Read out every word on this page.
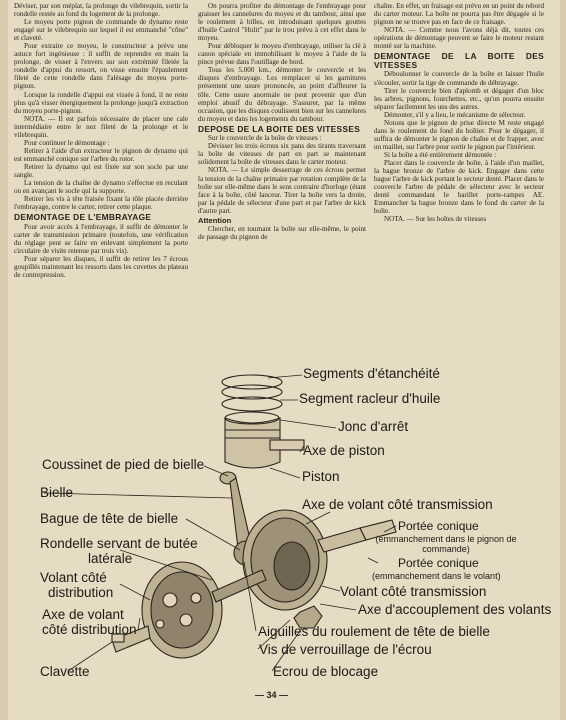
Déviser, par son méplat, la prolonge du vilebrequin, sortir la rondelle restée au fond du logement de la prolonge.

Le moyeu porte pignon de commande de dynamo reste engagé sur le vilebrequin sur lequel il est emmanché "cône" et claveté.

Pour extraire ce moyeu, le constructeur a prévu une astuce fort ingénieuse : il suffit de reprendre en main la prolonge, de visser à l'envers sur son extrémité filetée la rondelle d'appui du ressort, on visse ensuite l'épaulement fileté de cette rondelle dans l'alésage du moyeu porte-pignon.

Lorsque la rondelle d'appui est vissée à fond, il ne reste plus qu'à visser énergiquement la prolonge jusqu'à extraction du moyeu porte-pignon.

NOTA. — Il est parfois nécessaire de placer une cale intermédiaire entre le nez fileté de la prolonge et le vilebrequin.

Pour continuer le démontage :

Retirer à l'aide d'un extracteur le pignon de dynamo qui est emmanché conique sur l'arbre du rotor.

Retirer la dynamo qui est fixée sur son socle par une sangle.

La tension de la chaîne de dynamo s'effectue en reculant ou en avançant le socle qui la supporte.

Retirer les vis à tête fraisée fixant la tôle placée derrière l'embrayage, contre le carter, retirer cette plaque.

DEMONTAGE DE L'EMBRAYAGE

Pour avoir accès à l'embrayage, il suffit de démonter le carter de transmission primaire (toutefois, une vérification du réglage peut se faire en enlevant simplement la porte circulaire de visite retenue par trois vis).

Pour séparer les disques, il suffit de retirer les 7 écrous goupillés maintenant les ressorts dans les cuvettes du plateau de contrepression.

On pourra profiter du démontage de l'embrayage pour graisser les cannelures du moyeu et du tambour, ainsi que le roulement à billes, en introduisant quelques gouttes d'huile Castrol "Hulit" par le trou prévu à cet effet dans le moyeu.

Pour débloquer le moyeu d'embrayage, utiliser la clé à canon spéciale en immobilisant le moyeu à l'aide de la pince prévue dans l'outillage de bord.

Tous les 5.000 km., démonter le couvercle et les disques d'embrayage. Les remplacer si les garnitures présentent une usure prononcée, au point d'affleurer la tôle. Cette usure anormale ne peut provenir que d'un emploi abusif du débrayage. S'assurer, par la même occasion, que les disques coulissent bien sur les cannelures du moyeu et dans les logements du tambour.

DEPOSE DE LA BOITE DES VITESSES

Sur le couvercle de la boîte de vitesses :

Dévisser les trois écrous six pans des tirants traversant la boîte de vitesses de part en part se maintenant solidement la boîte de vitesses dans le carter moteur.

NOTA. — Le simple desserrage de ces écrous permet la tension de la chaîne primaire par rotation complète de la boîte sur elle-même dans le sens contraire d'horloge (étant face à la boîte, côté lanceur. Tirer la boîte vers la droite, par la pédale de sélecteur d'une part et par l'arbre de kick d'autre part.

Attention

Chercher, en tournant la boîte sur elle-même, le point de passage du pignon de

chaîne. En effet, un fraisage est prévu en un point du rebord du carter moteur. La boîte ne pourra pas être dégagée si le pignon ne se trouve pas en face de ce fraisage.

NOTA. — Comme nous l'avons déjà dit, toutes ces opérations de démontage peuvent se faire le moteur restant monté sur la machine.

DEMONTAGE DE LA BOITE DES VITESSES

Déboulonner le couvercle de la boîte et laisser l'huile s'écouler, sortir la tige de commande de débrayage.

Tirer le couvercle bien d'aplomb et dégager d'un bloc les arbres, pignons, fourchettes, etc., qu'on pourra ensuite séparer facilement les uns des autres.

Démonter, s'il y a lieu, le mécanisme de sélecteur.

Notons que le pignon de prise directe M reste engagé dans le roulement du fond du boîtier. Pour le dégager, il suffira de démonter le pignon de chaîne et de frapper, avec un maillet, sur l'arbre pour sortir le pignon par l'intérieur.

Si la boîte a été entièrement démontée :

Placer dans le couvercle de boîte, à l'aide d'un maillet, la bague bronze de l'arbre de kick. Engager dans cette bague l'arbre de kick portant le secteur denté. Placer dans le couvercle l'arbre de pédale de sélecteur avec le secteur denté commandant le barillet porte-rampes AE. Emmancher la bague bronze dans le fond du carter de la boîte.

NOTA. — Sur les boîtes de vitesses

Segments d'étanchéité
Segment racleur d'huile
Jonc d'arrêt
Axe de piston
Piston
Coussinet de pied de bielle
Bielle
Axe de volant côté transmission
Bague de tête de bielle	Portée conique
(emmanchement dans le pignon de commande)
Rondelle servant de butée
latérale	Portée conique
(emmanchement dans le volant)
Volant côté
distribution	Volant côté transmission
Axe de volant
côté distribution
Axe d'accouplement des volants
Aiguilles du roulement de tête de bielle
Vis de verrouillage de l'écrou
Clavette	Ecrou de blocage
— 34 —
